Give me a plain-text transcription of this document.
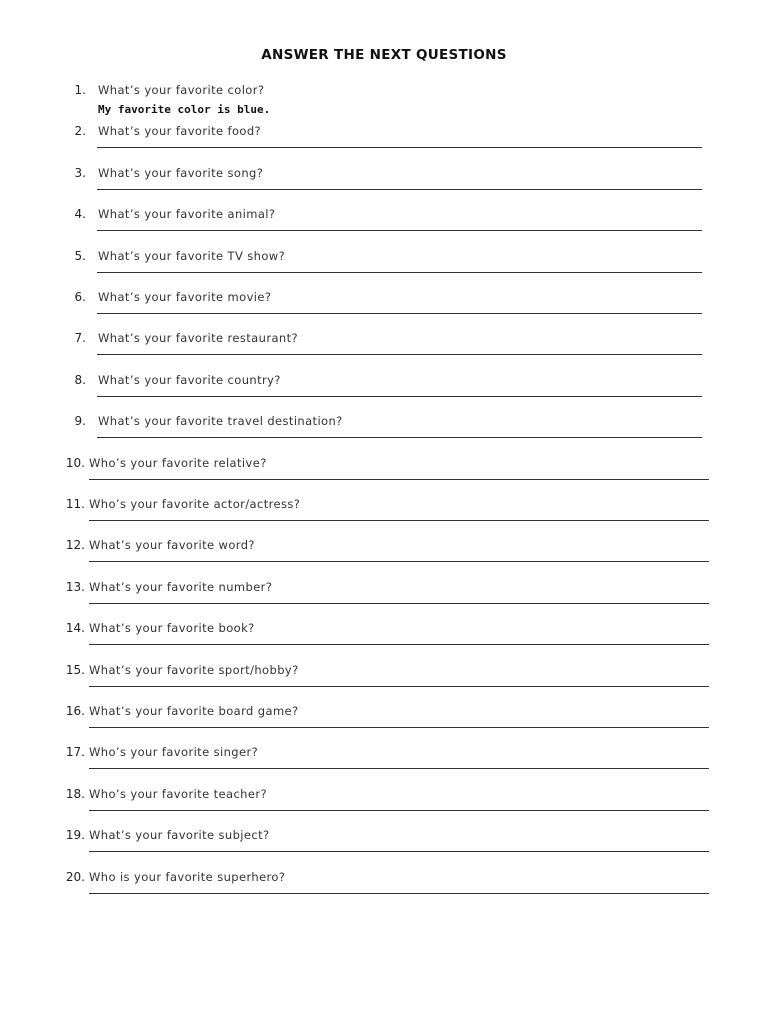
ANSWER THE NEXT QUESTIONS
1. What’s your favorite color?
My favorite color is blue.
2. What’s your favorite food?
3. What’s your favorite song?
4. What’s your favorite animal?
5. What’s your favorite TV show?
6. What’s your favorite movie?
7. What’s your favorite restaurant?
8. What’s your favorite country?
9. What’s your favorite travel destination?
10. Who’s your favorite relative?
11. Who’s your favorite actor/actress?
12. What’s your favorite word?
13. What’s your favorite number?
14. What’s your favorite book?
15. What’s your favorite sport/hobby?
16. What’s your favorite board game?
17. Who’s your favorite singer?
18. Who’s your favorite teacher?
19. What’s your favorite subject?
20. Who is your favorite superhero?
